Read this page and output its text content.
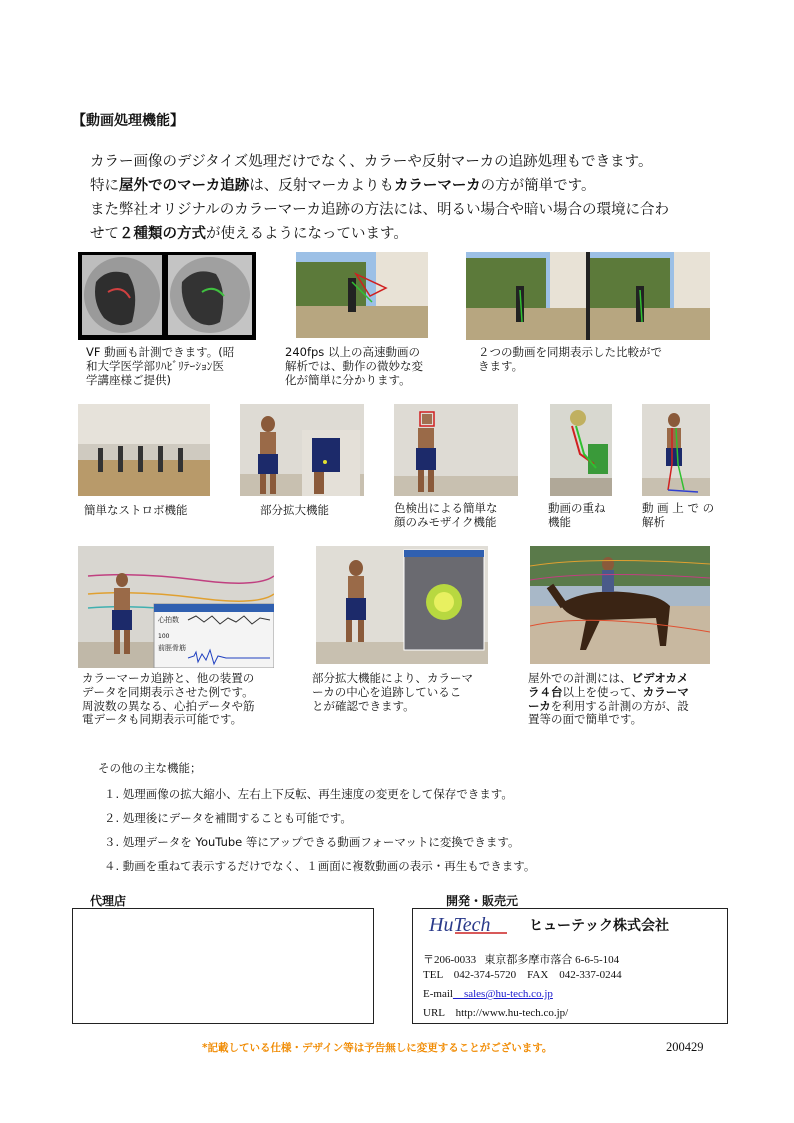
【動画処理機能】
カラー画像のデジタイズ処理だけでなく、カラーや反射マーカの追跡処理もできます。
特に屋外でのマーカ追跡は、反射マーカよりもカラーマーカの方が簡単です。
また弊社オリジナルのカラーマーカ追跡の方法には、明るい場合や暗い場合の環境に合わ
せて２種類の方式が使えるようになっています。
VF 動画も計測できます。(昭
和大学医学部ﾘﾊﾋﾞﾘﾃｰｼｮﾝ医
学講座様ご提供)
240fps 以上の高速動画の
解析では、動作の微妙な変
化が簡単に分かります。
２つの動画を同期表示した比較がで
きます。
簡単なストロボ機能	部分拡大機能	色検出による簡単な
顔のみモザイク機能
動画の重ね
機能
動 画 上 で の
解析
心拍数
100
前脛骨筋
カラーマーカ追跡と、他の装置の
データを同期表示させた例です。
周波数の異なる、心拍データや筋
電データも同期表示可能です。
部分拡大機能により、カラーマ
ーカの中心を追跡しているこ
とが確認できます。
屋外での計測には、ビデオカメ
ラ４台以上を使って、カラーマ
ーカを利用する計測の方が、設
置等の面で簡単です。
その他の主な機能；
１. 処理画像の拡大縮小、左右上下反転、再生速度の変更をして保存できます。
２. 処理後にデータを補間することも可能です。
３. 処理データを YouTube 等にアップできる動画フォーマットに変換できます。
４. 動画を重ねて表示するだけでなく、１画面に複数動画の表示・再生もできます。
代理店	開発・販売元
HuTech	ヒューテック株式会社
〒206-0033   東京都多摩市落合 6-6-5-104
TEL    042-374-5720    FAX    042-337-0244
E-mail    sales@hu-tech.co.jp
URL    http://www.hu-tech.co.jp/
*記載している仕様・デザイン等は予告無しに変更することがございます。	200429
